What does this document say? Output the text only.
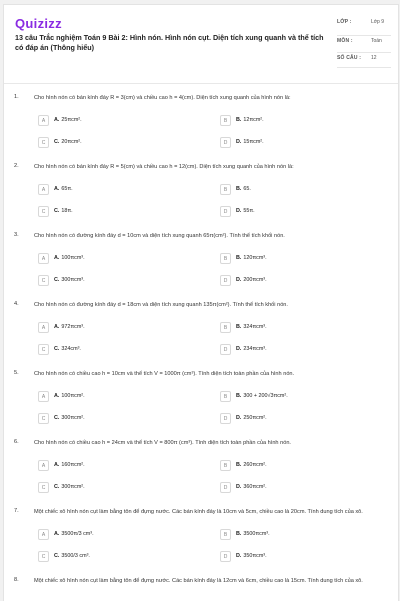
Quizizz
13 câu Trắc nghiệm Toán 9 Bài 2: Hình nón. Hình nón cụt. Diện tích xung quanh và thể tích có đáp án (Thông hiểu)
LỚP :	Lớp 9
MÔN :	Toán
SỐ CÂU : 12
1.	Cho hình nón có bán kính đáy R = 3(cm) và chiều cao h = 4(cm). Diện tích xung quanh của hình nón là:
A	A. 25πcm².	B	B. 12πcm².
C	C. 20πcm².	D	D. 15πcm².
2.	Cho hình nón có bán kính đáy R = 5(cm) và chiều cao h = 12(cm). Diện tích xung quanh của hình nón là:
A	A. 65π.	B	B. 65.
C	C. 18π.	D	D. 55π.
3.	Cho hình nón có đường kính đáy d = 10cm và diện tích xung quanh 65π(cm²). Tính thể tích khối nón.
A	A. 100πcm³.	B	B. 120πcm³.
C	C. 300πcm³.	D	D. 200πcm³.
4.	Cho hình nón có đường kính đáy d = 18cm và diện tích xung quanh 135π(cm²). Tính thể tích khối nón.
A	A. 972πcm³.	B	B. 324πcm³.
C	C. 324cm³.	D	D. 234πcm³.
5.	Cho hình nón có chiều cao h = 10cm và thể tích V = 1000π (cm³). Tính diện tích toàn phần của hình nón.
A	A. 100πcm².	B	B. 300 + 200√3πcm².
C	C. 300πcm².	D	D. 250πcm².
6.	Cho hình nón có chiều cao h = 24cm và thể tích V = 800π (cm³). Tính diện tích toàn phần của hình nón.
A	A. 160πcm².	B	B. 260πcm².
C	C. 300πcm².	D	D. 360πcm².
7.	Một chiếc xô hình nón cụt làm bằng tôn để đựng nước. Các bán kính đáy là 10cm và 5cm, chiều cao là 20cm. Tính dung tích của xô.
A	A. 3500π/3 cm³.	B	B. 3500πcm³.
C	C. 3500/3 cm³.	D	D. 350πcm³.
8.	Một chiếc xô hình nón cụt làm bằng tôn để đựng nước. Các bán kính đáy là 12cm và 6cm, chiều cao là 15cm. Tính dung tích của xô.
